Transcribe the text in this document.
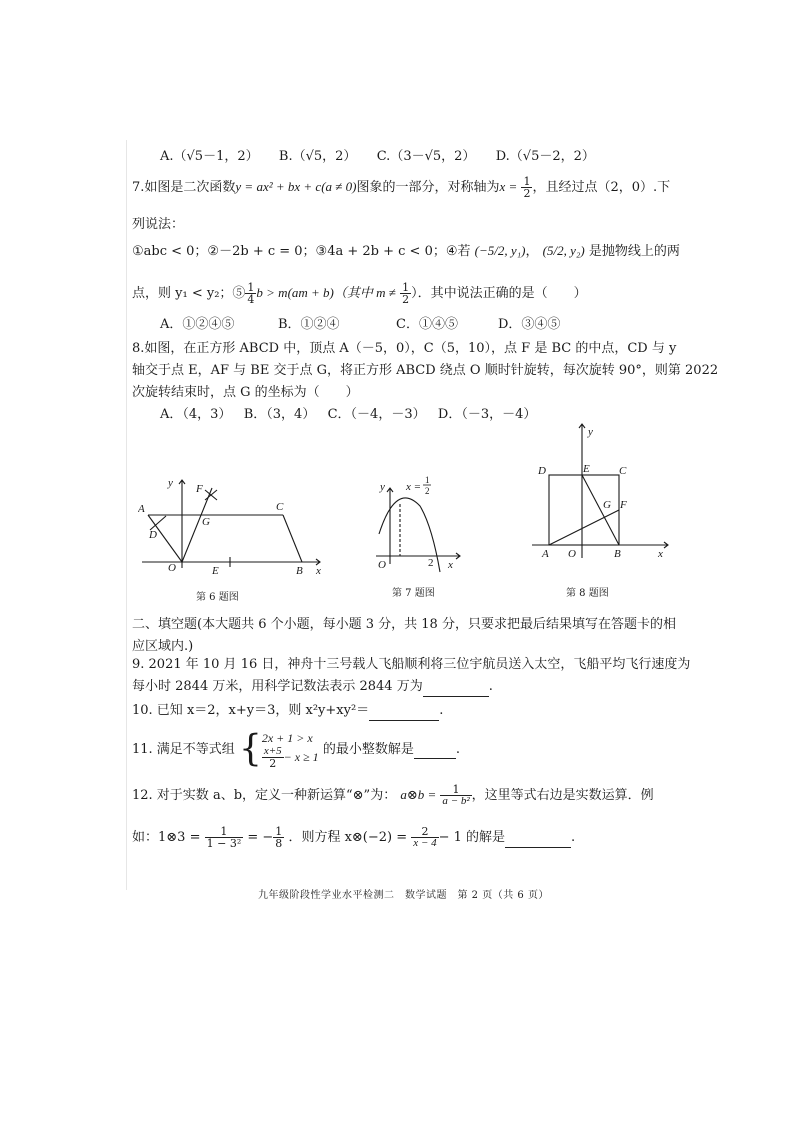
A.（√5－1，2） B.（√5，2） C.（3－√5，2） D.（√5－2，2）
7.如图是二次函数y = ax² + bx + c(a ≠ 0)图象的一部分，对称轴为$x = \frac{1}{2}$ ，且经过点（2，0）.下
列说法：
①abc < 0；②－2b + c = 0；③4a + 2b + c < 0；④若 (−5/2, y₁)， (5/2, y₂) 是抛物线上的两
点，则 y₁ < y₂；⑤ $\frac{1}{4}$ b > m(am + b)（其中 $m \ne \frac{1}{2}$ ）．其中说法正确的是（　　）
A．①②④⑤	B．①②④	C．①④⑤	D．③④⑤
8.如图，在正方形 ABCD 中，顶点 A（－5，0），C（5，10），点 F 是 BC 的中点，CD 与 y
轴交于点 E，AF 与 BE 交于点 G，将正方形 ABCD 绕点 O 顺时针旋转，每次旋转 90°，则第 2022
次旋转结束时，点 G 的坐标为（　　）
A．（4，3） B．（3，4） C．（－4，－3） D．（－3，－4）
A
D
y F
G
C
O	E	B x
第 6 题图
y x =
1
2
O	2 x
第 7 题图
y
D	E	C
G F
A O	B	x
第 8 题图
二、填空题(本大题共 6 个小题，每小题 3 分，共 18 分，只要求把最后结果填写在答题卡的相
应区域内.)
9. 2021 年 10 月 16 日，神舟十三号载人飞船顺利将三位宇航员送入太空，飞船平均飞行速度为
每小时 2844 万米，用科学记数法表示 2844 万为	.
10. 已知 x＝2，x+y＝3，则 x²y+xy²＝	.
11. 满足不等式组 { 2x + 1 > x
$\frac{x+5}{2} - x \ge 1$ 的最小整数解是	.
12. 对于实数 a、b，定义一种新运算“⊗”为： a⊗b = $\frac{1}{\text{a − b²}}$ ，这里等式右边是实数运算．例
如：1⊗3 = $\frac{1}{\text{1 − 3²}}$ = − $\frac{1}{8}$ ．则方程 x⊗(−2) = $\frac{2}{x - 4} - 1$ 的解是	.
九年级阶段性学业水平检测二　数学试题　第 2 页（共 6 页）
